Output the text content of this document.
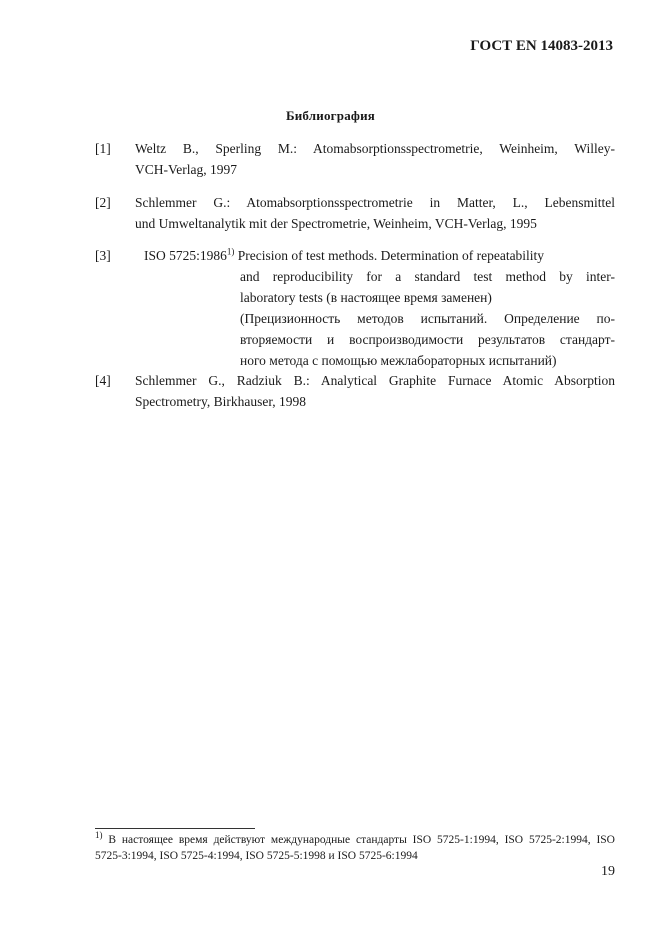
ГОСТ EN 14083-2013
Библиография
[1] Weltz B., Sperling M.: Atomabsorptionsspectrometrie, Weinheim, Willey-
VCH-Verlag, 1997
[2] Schlemmer G.: Atomabsorptionsspectrometrie in Matter, L., Lebensmittel
und Umweltanalytik mit der Spectrometrie, Weinheim, VCH-Verlag, 1995
[3] ISO 5725:1986$^{1)}$ Precision of test methods. Determination of repeatability
and reproducibility for a standard test method by inter-
laboratory tests (в настоящее время заменен)
(Прецизионность методов испытаний. Определение по-
вторяемости и воспроизводимости результатов стандарт-
ного метода с помощью межлабораторных испытаний)
[4] Schlemmer G., Radziuk B.: Analytical Graphite Furnace Atomic Absorption
Spectrometry, Birkhauser, 1998
$^{1)}$ В настоящее время действуют международные стандарты ISO 5725-1:1994, ISO 5725-2:1994, ISO
5725-3:1994, ISO 5725-4:1994, ISO 5725-5:1998 и ISO 5725-6:1994
19
